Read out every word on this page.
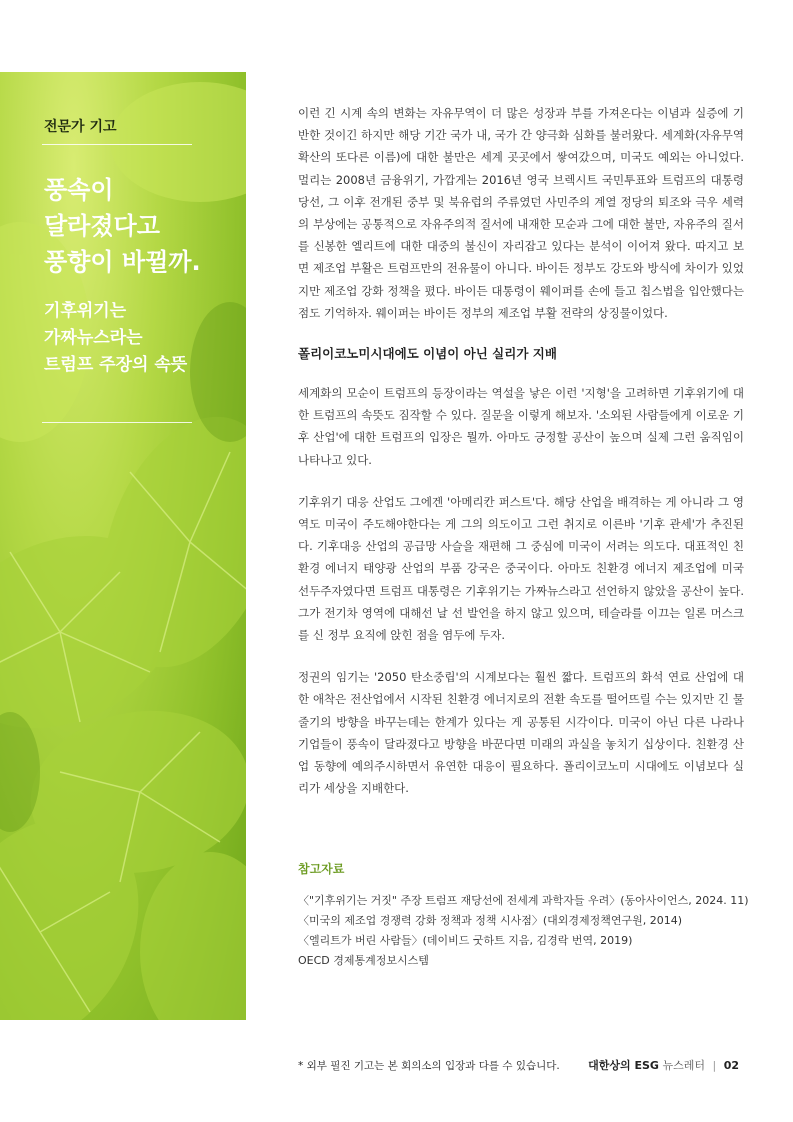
전문가 기고
풍속이
달라졌다고
풍향이 바뀔까.
기후위기는
가짜뉴스라는
트럼프 주장의 속뜻

이런 긴 시계 속의 변화는 자유무역이 더 많은 성장과 부를 가져온다는 이념과 실증에 기반한 것이긴 하지만 해당 기간 국가 내, 국가 간 양극화 심화를 불러왔다. 세계화(자유무역 확산의 또다른 이름)에 대한 불만은 세계 곳곳에서 쌓여갔으며, 미국도 예외는 아니었다. 멀리는 2008년 금융위기, 가깝게는 2016년 영국 브렉시트 국민투표와 트럼프의 대통령 당선, 그 이후 전개된 중부 및 북유럽의 주류였던 사민주의 계열 정당의 퇴조와 극우 세력의 부상에는 공통적으로 자유주의적 질서에 내재한 모순과 그에 대한 불만, 자유주의 질서를 신봉한 엘리트에 대한 대중의 불신이 자리잡고 있다는 분석이 이어져 왔다. 따지고 보면 제조업 부활은 트럼프만의 전유물이 아니다. 바이든 정부도 강도와 방식에 차이가 있었지만 제조업 강화 정책을 폈다. 바이든 대통령이 웨이퍼를 손에 들고 칩스법을 입안했다는 점도 기억하자. 웨이퍼는 바이든 정부의 제조업 부활 전략의 상징물이었다.

폴리이코노미시대에도 이념이 아닌 실리가 지배

세계화의 모순이 트럼프의 등장이라는 역설을 낳은 이런 '지형'을 고려하면 기후위기에 대한 트럼프의 속뜻도 짐작할 수 있다. 질문을 이렇게 해보자. '소외된 사람들에게 이로운 기후 산업'에 대한 트럼프의 입장은 뭘까. 아마도 긍정할 공산이 높으며 실제 그런 움직임이 나타나고 있다.

기후위기 대응 산업도 그에겐 '아메리칸 퍼스트'다. 해당 산업을 배격하는 게 아니라 그 영역도 미국이 주도해야한다는 게 그의 의도이고 그런 취지로 이른바 '기후 관세'가 추진된다. 기후대응 산업의 공급망 사슬을 재편해 그 중심에 미국이 서려는 의도다. 대표적인 친환경 에너지 태양광 산업의 부품 강국은 중국이다. 아마도 친환경 에너지 제조업에 미국 선두주자였다면 트럼프 대통령은 기후위기는 가짜뉴스라고 선언하지 않았을 공산이 높다. 그가 전기차 영역에 대해선 날 선 발언을 하지 않고 있으며, 테슬라를 이끄는 일론 머스크를 신 정부 요직에 앉힌 점을 염두에 두자.

정권의 임기는 '2050 탄소중립'의 시계보다는 훨씬 짧다. 트럼프의 화석 연료 산업에 대한 애착은 전산업에서 시작된 친환경 에너지로의 전환 속도를 떨어뜨릴 수는 있지만 긴 물줄기의 방향을 바꾸는데는 한계가 있다는 게 공통된 시각이다. 미국이 아닌 다른 나라나 기업들이 풍속이 달라졌다고 방향을 바꾼다면 미래의 과실을 놓치기 십상이다. 친환경 산업 동향에 예의주시하면서 유연한 대응이 필요하다. 폴리이코노미 시대에도 이념보다 실리가 세상을 지배한다.

참고자료
〈"기후위기는 거짓" 주장 트럼프 재당선에 전세계 과학자들 우려〉(동아사이언스, 2024. 11)
〈미국의 제조업 경쟁력 강화 정책과 정책 시사점〉(대외경제정책연구원, 2014)
〈엘리트가 버린 사람들〉(데이비드 굿하트 지음, 김경락 번역, 2019)
OECD 경제통계정보시스템
* 외부 필진 기고는 본 회의소의 입장과 다를 수 있습니다.	대한상의 ESG 뉴스레터 | 02
